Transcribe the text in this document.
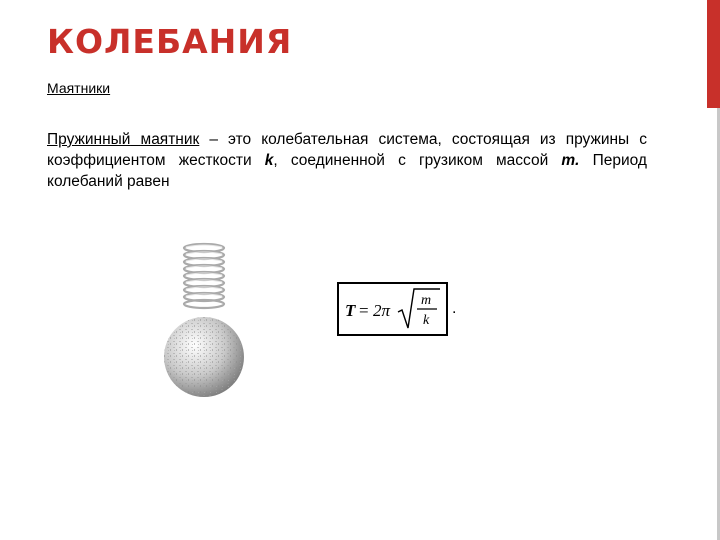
КОЛЕБАНИЯ
Маятники

Пружинный маятник – это колебательная система, состоящая из пружины с коэффициентом жесткости k, соединенной с грузиком массой m. Период колебаний равен

T = 2π
m
k
.
